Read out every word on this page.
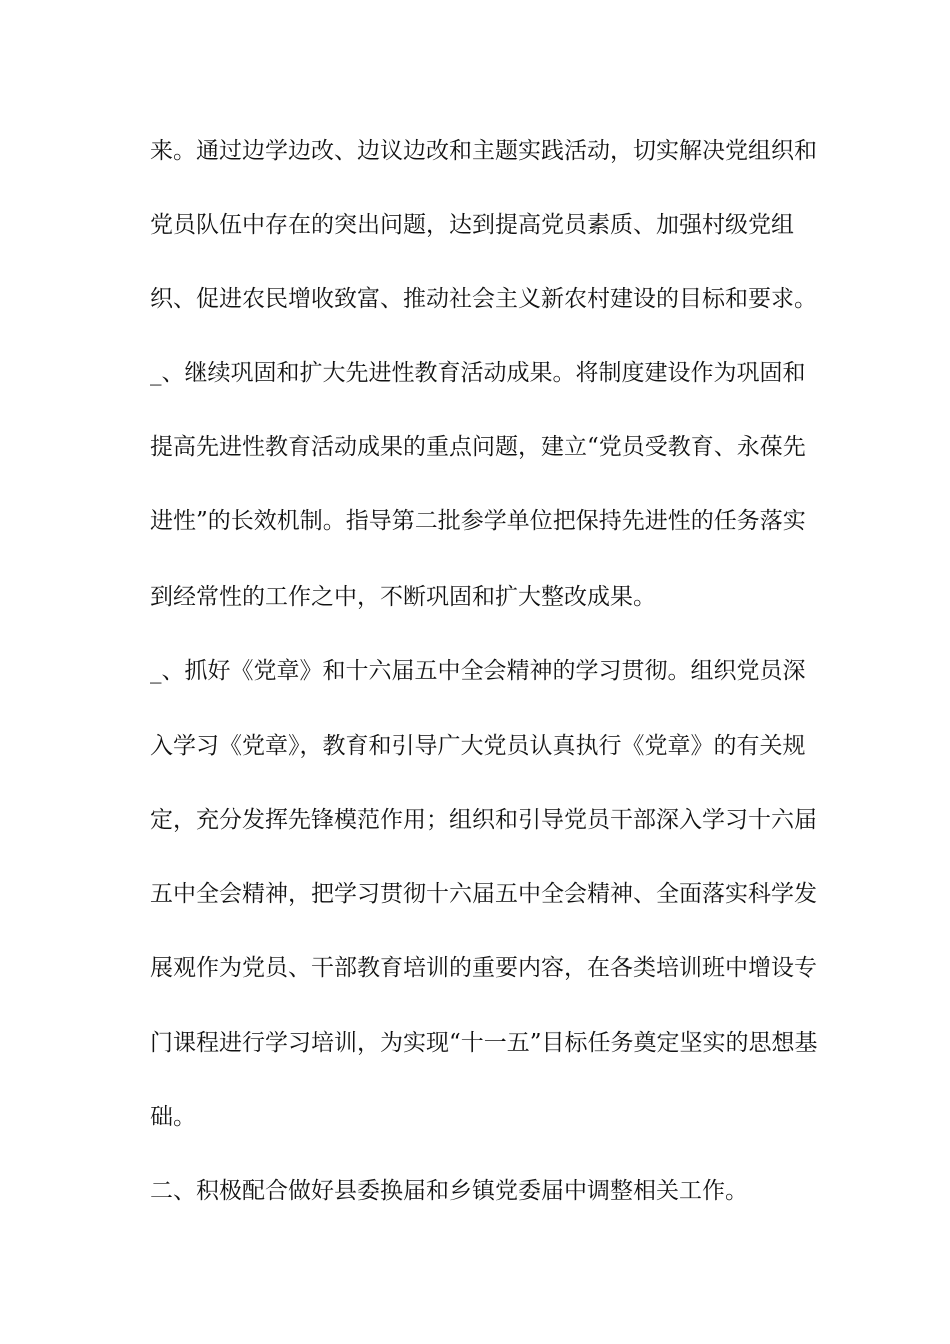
来。通过边学边改、边议边改和主题实践活动，切实解决党组织和
党员队伍中存在的突出问题，达到提高党员素质、加强村级党组
织、促进农民增收致富、推动社会主义新农村建设的目标和要求。
_、继续巩固和扩大先进性教育活动成果。将制度建设作为巩固和
提高先进性教育活动成果的重点问题，建立“党员受教育、永葆先
进性”的长效机制。指导第二批参学单位把保持先进性的任务落实
到经常性的工作之中，不断巩固和扩大整改成果。
_、抓好《党章》和十六届五中全会精神的学习贯彻。组织党员深
入学习《党章》，教育和引导广大党员认真执行《党章》的有关规
定，充分发挥先锋模范作用；组织和引导党员干部深入学习十六届
五中全会精神，把学习贯彻十六届五中全会精神、全面落实科学发
展观作为党员、干部教育培训的重要内容，在各类培训班中增设专
门课程进行学习培训，为实现“十一五”目标任务奠定坚实的思想基
础。
二、积极配合做好县委换届和乡镇党委届中调整相关工作。
